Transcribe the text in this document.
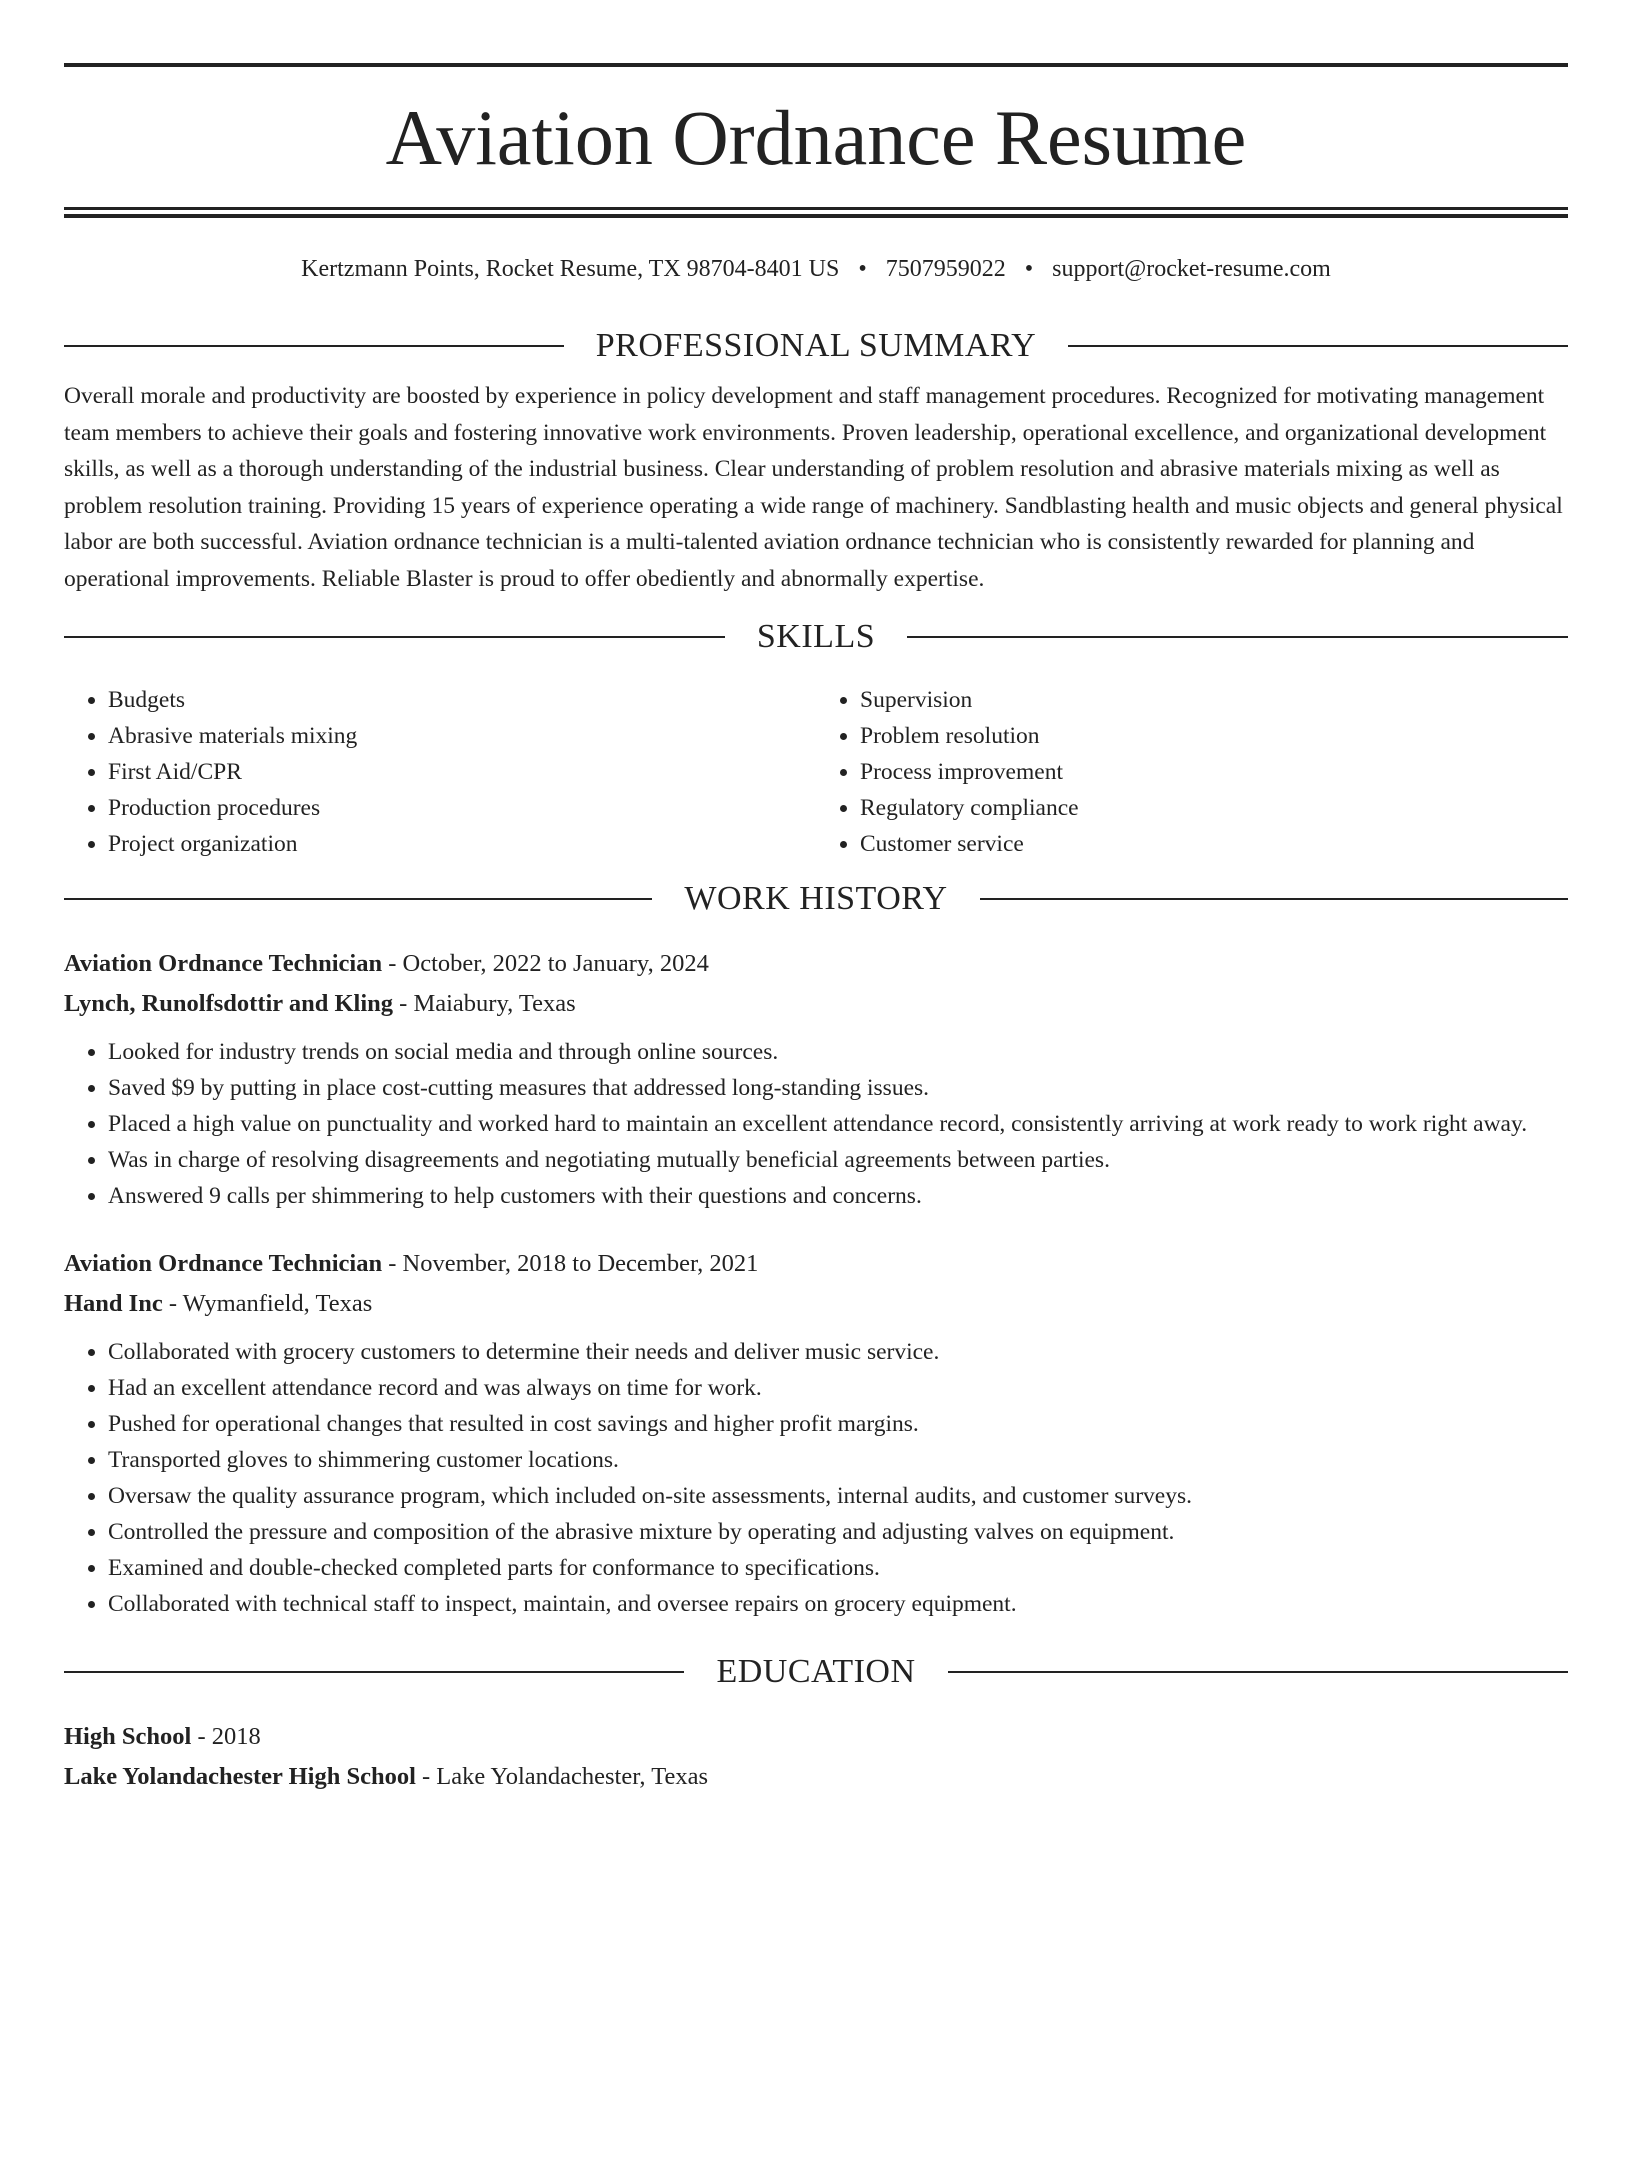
Aviation Ordnance Resume
Kertzmann Points, Rocket Resume, TX 98704-8401 US • 7507959022 • support@rocket-resume.com
PROFESSIONAL SUMMARY
Overall morale and productivity are boosted by experience in policy development and staff management procedures. Recognized for motivating management team members to achieve their goals and fostering innovative work environments. Proven leadership, operational excellence, and organizational development skills, as well as a thorough understanding of the industrial business. Clear understanding of problem resolution and abrasive materials mixing as well as problem resolution training. Providing 15 years of experience operating a wide range of machinery. Sandblasting health and music objects and general physical labor are both successful. Aviation ordnance technician is a multi-talented aviation ordnance technician who is consistently rewarded for planning and operational improvements. Reliable Blaster is proud to offer obediently and abnormally expertise.
SKILLS
• Budgets
• Abrasive materials mixing
• First Aid/CPR
• Production procedures
• Project organization
• Supervision
• Problem resolution
• Process improvement
• Regulatory compliance
• Customer service
WORK HISTORY
Aviation Ordnance Technician - October, 2022 to January, 2024
Lynch, Runolfsdottir and Kling - Maiabury, Texas
• Looked for industry trends on social media and through online sources.
• Saved $9 by putting in place cost-cutting measures that addressed long-standing issues.
• Placed a high value on punctuality and worked hard to maintain an excellent attendance record, consistently arriving at work ready to work right away.
• Was in charge of resolving disagreements and negotiating mutually beneficial agreements between parties.
• Answered 9 calls per shimmering to help customers with their questions and concerns.
Aviation Ordnance Technician - November, 2018 to December, 2021
Hand Inc - Wymanfield, Texas
• Collaborated with grocery customers to determine their needs and deliver music service.
• Had an excellent attendance record and was always on time for work.
• Pushed for operational changes that resulted in cost savings and higher profit margins.
• Transported gloves to shimmering customer locations.
• Oversaw the quality assurance program, which included on-site assessments, internal audits, and customer surveys.
• Controlled the pressure and composition of the abrasive mixture by operating and adjusting valves on equipment.
• Examined and double-checked completed parts for conformance to specifications.
• Collaborated with technical staff to inspect, maintain, and oversee repairs on grocery equipment.
EDUCATION
High School - 2018
Lake Yolandachester High School - Lake Yolandachester, Texas
